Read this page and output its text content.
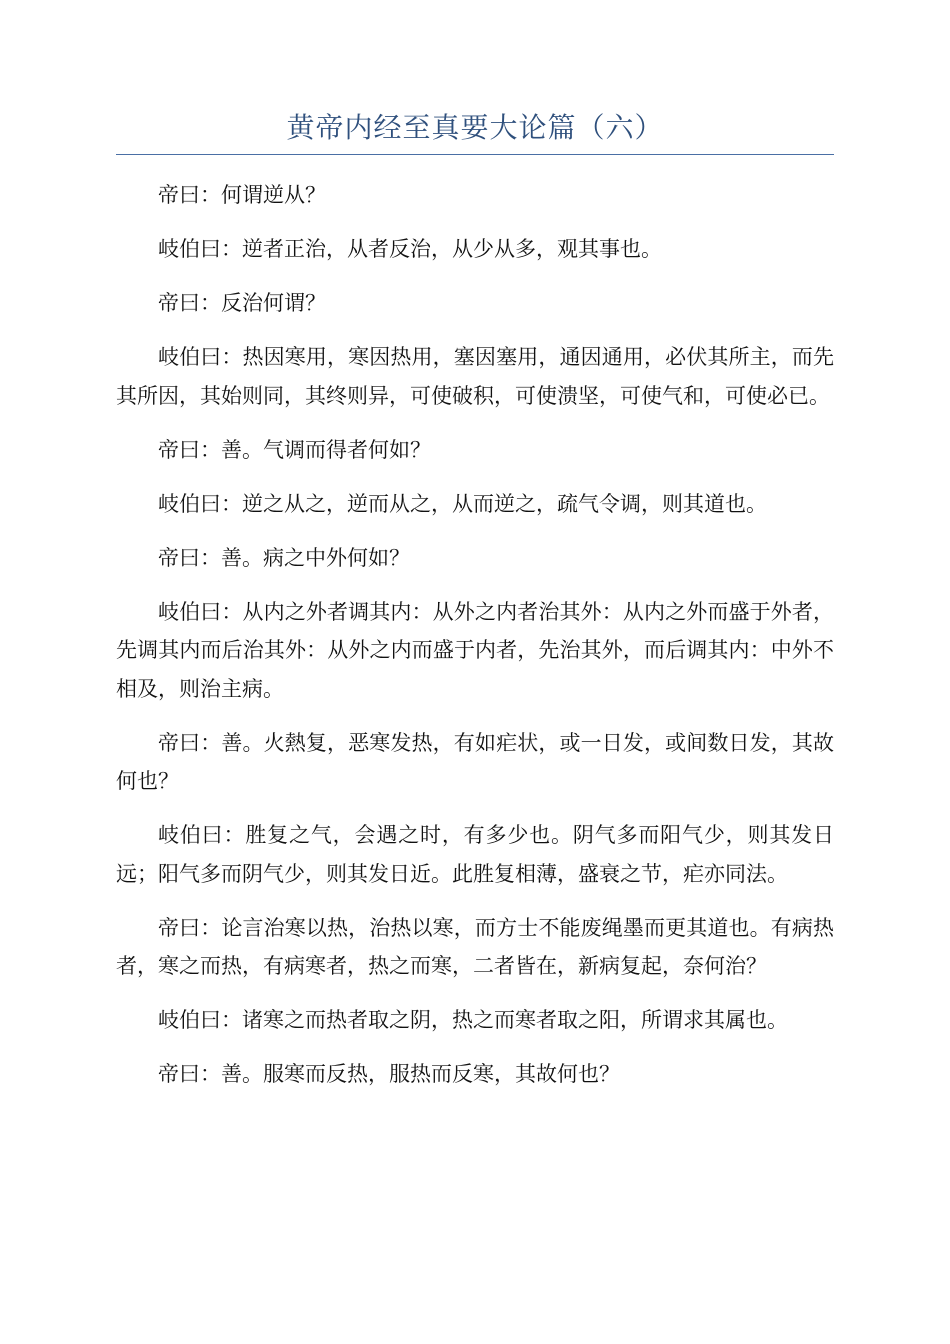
黄帝内经至真要大论篇（六）

帝曰：何谓逆从？

岐伯曰：逆者正治，从者反治，从少从多，观其事也。

帝曰：反治何谓？

岐伯曰：热因寒用，寒因热用，塞因塞用，通因通用，必伏其所主，而先其所因，其始则同，其终则异，可使破积，可使溃坚，可使气和，可使必已。

帝曰：善。气调而得者何如？

岐伯曰：逆之从之，逆而从之，从而逆之，疏气令调，则其道也。

帝曰：善。病之中外何如？

岐伯曰：从内之外者调其内：从外之内者治其外：从内之外而盛于外者，先调其内而后治其外：从外之内而盛于内者，先治其外，而后调其内：中外不相及，则治主病。

帝曰：善。火熱复，恶寒发热，有如疟状，或一日发，或间数日发，其故何也？

岐伯曰：胜复之气，会遇之时，有多少也。阴气多而阳气少，则其发日远；阳气多而阴气少，则其发日近。此胜复相薄，盛衰之节，疟亦同法。

帝曰：论言治寒以热，治热以寒，而方士不能废绳墨而更其道也。有病热者，寒之而热，有病寒者，热之而寒，二者皆在，新病复起，奈何治？

岐伯曰：诸寒之而热者取之阴，热之而寒者取之阳，所谓求其属也。

帝曰：善。服寒而反热，服热而反寒，其故何也？
